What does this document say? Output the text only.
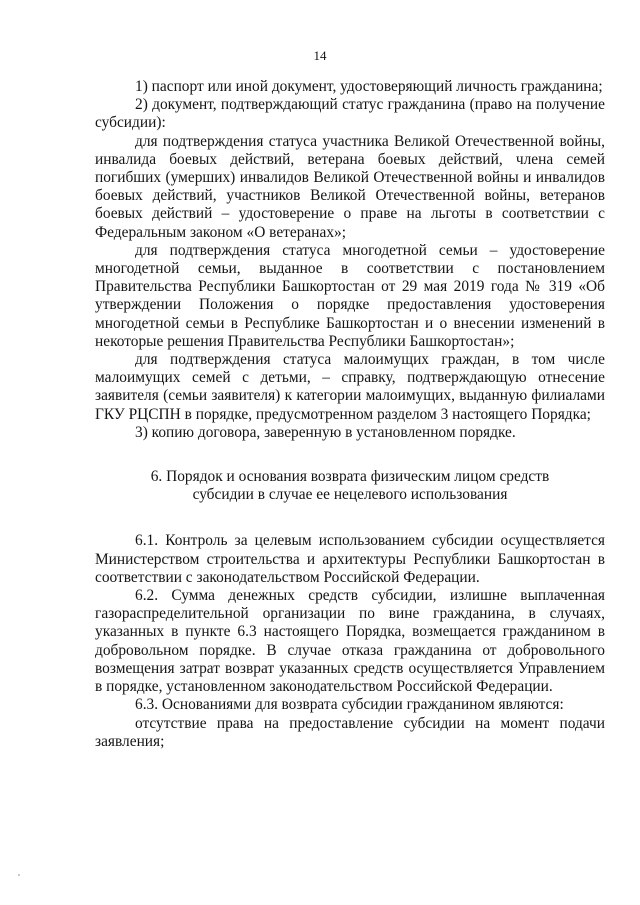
14

1) паспорт или иной документ, удостоверяющий личность гражданина;

2) документ, подтверждающий статус гражданина (право на получение субсидии):

для подтверждения статуса участника Великой Отечественной войны, инвалида боевых действий, ветерана боевых действий, члена семей погибших (умерших) инвалидов Великой Отечественной войны и инвалидов боевых действий, участников Великой Отечественной войны, ветеранов боевых действий – удостоверение о праве на льготы в соответствии с Федеральным законом «О ветеранах»;

для подтверждения статуса многодетной семьи – удостоверение многодетной семьи, выданное в соответствии с постановлением Правительства Республики Башкортостан от 29 мая 2019 года № 319 «Об утверждении Положения о порядке предоставления удостоверения многодетной семьи в Республике Башкортостан и о внесении изменений в некоторые решения Правительства Республики Башкортостан»;

для подтверждения статуса малоимущих граждан, в том числе малоимущих семей с детьми, – справку, подтверждающую отнесение заявителя (семьи заявителя) к категории малоимущих, выданную филиалами ГКУ РЦСПН в порядке, предусмотренном разделом 3 настоящего Порядка;

3) копию договора, заверенную в установленном порядке.

6. Порядок и основания возврата физическим лицом средств
субсидии в случае ее нецелевого использования

6.1. Контроль за целевым использованием субсидии осуществляется Министерством строительства и архитектуры Республики Башкортостан в соответствии с законодательством Российской Федерации.

6.2. Сумма денежных средств субсидии, излишне выплаченная газораспределительной организации по вине гражданина, в случаях, указанных в пункте 6.3 настоящего Порядка, возмещается гражданином в добровольном порядке. В случае отказа гражданина от добровольного возмещения затрат возврат указанных средств осуществляется Управлением в порядке, установленном законодательством Российской Федерации.

6.3. Основаниями для возврата субсидии гражданином являются:

отсутствие права на предоставление субсидии на момент подачи заявления;
